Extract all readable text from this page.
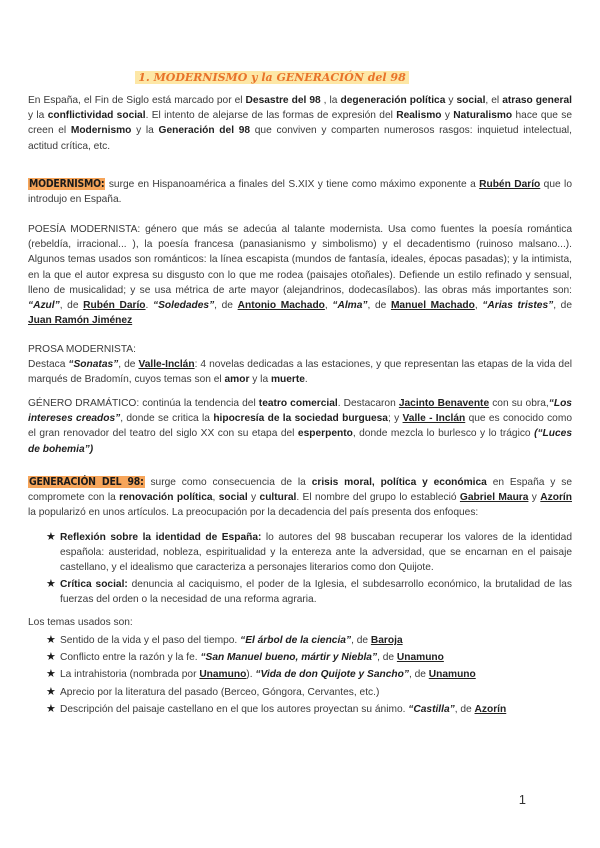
1. MODERNISMO y la GENERACIÓN del 98

En España, el Fin de Siglo está marcado por el Desastre del 98 , la degeneración política y social, el atraso general y la conflictividad social. El intento de alejarse de las formas de expresión del Realismo y Naturalismo hace que se creen el Modernismo y la Generación del 98 que conviven y comparten numerosos rasgos: inquietud intelectual, actitud crítica, etc.

MODERNISMO: surge en Hispanoamérica a finales del S.XIX y tiene como máximo exponente a Rubén Darío que lo introdujo en España.

POESÍA MODERNISTA: género que más se adecúa al talante modernista. Usa como fuentes la poesía romántica (rebeldía, irracional... ), la poesía francesa (panasianismo y simbolismo) y el decadentismo (ruinoso malsano...). Algunos temas usados son románticos: la línea escapista (mundos de fantasía, ideales, épocas pasadas); y la intimista, en la que el autor expresa su disgusto con lo que me rodea (paisajes otoñales). Defiende un estilo refinado y sensual, lleno de musicalidad; y se usa métrica de arte mayor (alejandrinos, dodecasílabos). las obras más importantes son: “Azul”, de Rubén Darío. “Soledades”, de Antonio Machado, “Alma”, de Manuel Machado, “Arias tristes”, de Juan Ramón Jiménez

PROSA MODERNISTA:

Destaca “Sonatas”, de Valle-Inclán: 4 novelas dedicadas a las estaciones, y que representan las etapas de la vida del marqués de Bradomín, cuyos temas son el amor y la muerte.

GÉNERO DRAMÁTICO: continúa la tendencia del teatro comercial. Destacaron Jacinto Benavente con su obra,“Los intereses creados”, donde se critica la hipocresía de la sociedad burguesa; y Valle - Inclán que es conocido como el gran renovador del teatro del siglo XX con su etapa del esperpento, donde mezcla lo burlesco y lo trágico (“Luces de bohemia”)

GENERACIÓN DEL 98: surge como consecuencia de la crisis moral, política y económica en España y se compromete con la renovación política, social y cultural. El nombre del grupo lo estableció Gabriel Maura y Azorín la popularizó en unos artículos. La preocupación por la decadencia del país presenta dos enfoques:

★ Reflexión sobre la identidad de España: lo autores del 98 buscaban recuperar los valores de la identidad española: austeridad, nobleza, espiritualidad y la entereza ante la adversidad, que se encarnan en el paisaje castellano, y el idealismo que caracteriza a personajes literarios como don Quijote.
★ Crítica social: denuncia al caciquismo, el poder de la Iglesia, el subdesarrollo económico, la brutalidad de las fuerzas del orden o la necesidad de una reforma agraria.

Los temas usados son:

★ Sentido de la vida y el paso del tiempo. “El árbol de la ciencia”, de Baroja
★ Conflicto entre la razón y la fe. “San Manuel bueno, mártir y Niebla”, de Unamuno
★ La intrahistoria (nombrada por Unamuno). “Vida de don Quijote y Sancho”, de Unamuno
★ Aprecio por la literatura del pasado (Berceo, Góngora, Cervantes, etc.)
★ Descripción del paisaje castellano en el que los autores proyectan su ánimo. “Castilla”, de Azorín
1
